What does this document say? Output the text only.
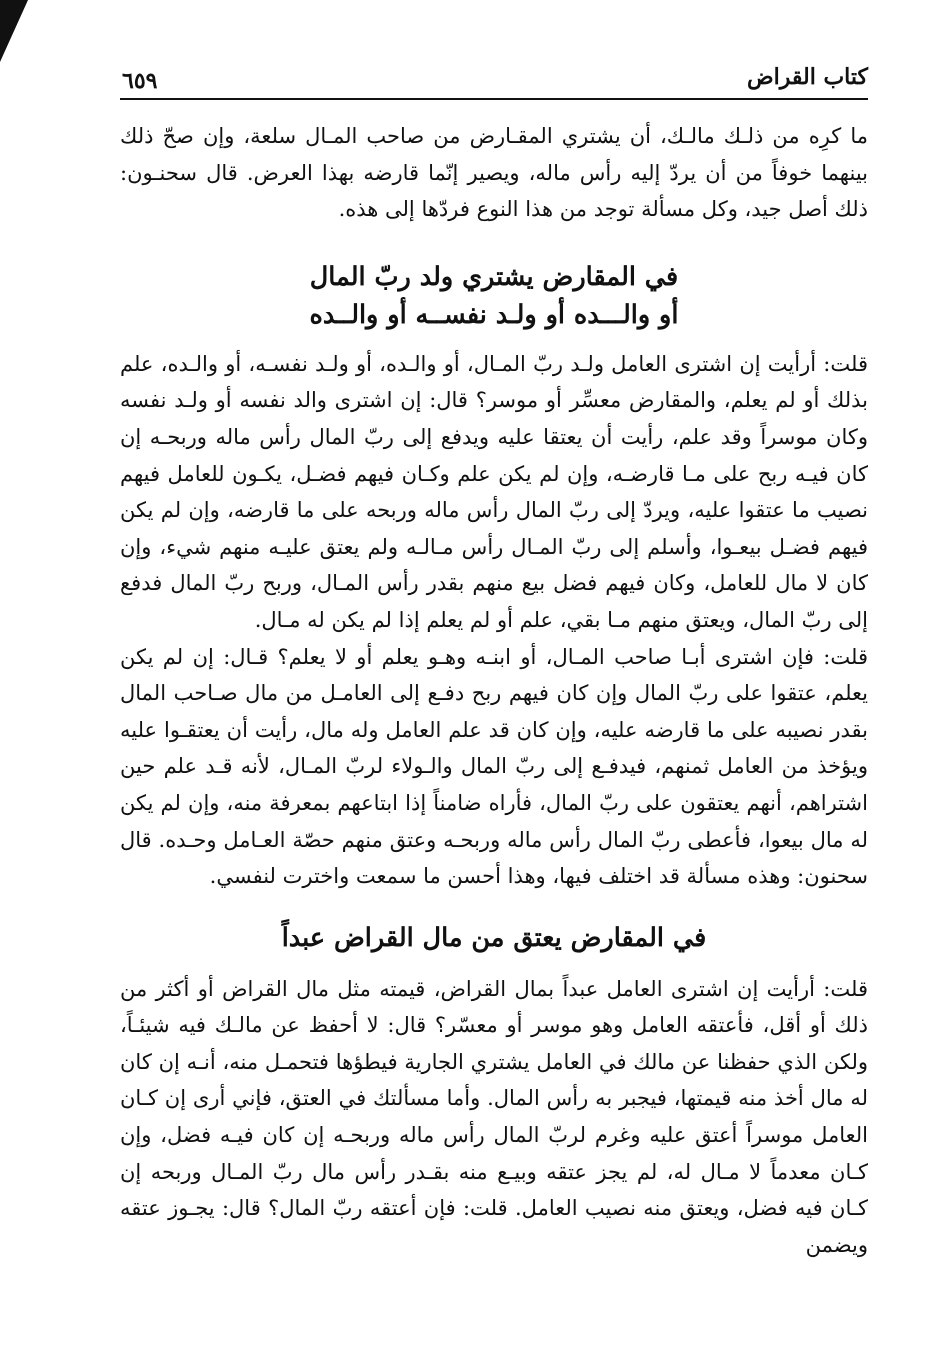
كتاب القراض
٦٥٩

ما كرِه من ذلـك مالـك، أن يشتري المقـارض من صاحب المـال سلعة، وإن صحّ ذلك بينهما خوفاً من أن يردّ إليه رأس ماله، ويصير إنّما قارضه بهذا العرض. قال سحنـون: ذلك أصل جيد، وكل مسألة توجد من هذا النوع فردّها إلى هذه.

في المقارض يشتري ولد ربّ المال
أو والـــده أو ولـد نفســه أو والــده

قلت: أرأيت إن اشترى العامل ولـد ربّ المـال، أو والـده، أو ولـد نفسـه، أو والـده، علم بذلك أو لم يعلم، والمقارض معسِّر أو موسر؟ قال: إن اشترى والد نفسه أو ولـد نفسه وكان موسراً وقد علم، رأيت أن يعتقا عليه ويدفع إلى ربّ المال رأس ماله وربحـه إن كان فيـه ربح على مـا قارضـه، وإن لم يكن علم وكـان فيهم فضـل، يكـون للعامل فيهم نصيب ما عتقوا عليه، ويردّ إلى ربّ المال رأس ماله وربحه على ما قارضه، وإن لم يكن فيهم فضـل بيعـوا، وأسلم إلى ربّ المـال رأس مـالـه ولم يعتق عليـه منهم شيء، وإن كان لا مال للعامل، وكان فيهم فضل بيع منهم بقدر رأس المـال، وربح ربّ المال فدفع إلى ربّ المال، ويعتق منهم مـا بقي، علم أو لم يعلم إذا لم يكن له مـال.

قلت: فإن اشترى أبـا صاحب المـال، أو ابنـه وهـو يعلم أو لا يعلم؟ قـال: إن لم يكن يعلم، عتقوا على ربّ المال وإن كان فيهم ربح دفـع إلى العامـل من مال صـاحب المال بقدر نصيبه على ما قارضه عليه، وإن كان قد علم العامل وله مال، رأيت أن يعتقـوا عليه ويؤخذ من العامل ثمنهم، فيدفـع إلى ربّ المال والـولاء لربّ المـال، لأنه قـد علم حين اشتراهم، أنهم يعتقون على ربّ المال، فأراه ضامناً إذا ابتاعهم بمعرفة منه، وإن لم يكن له مال بيعوا، فأعطى ربّ المال رأس ماله وربحـه وعتق منهم حصّة العـامل وحـده. قال سحنون: وهذه مسألة قد اختلف فيها، وهذا أحسن ما سمعت واخترت لنفسي.

في المقارض يعتق من مال القراض عبداً

قلت: أرأيت إن اشترى العامل عبداً بمال القراض، قيمته مثل مال القراض أو أكثر من ذلك أو أقل، فأعتقه العامل وهو موسر أو معسّر؟ قال: لا أحفظ عن مالـك فيه شيئـاً، ولكن الذي حفظنا عن مالك في العامل يشتري الجارية فيطؤها فتحمـل منه، أنـه إن كان له مال أخذ منه قيمتها، فيجبر به رأس المال. وأما مسألتك في العتق، فإني أرى إن كـان العامل موسراً أعتق عليه وغرم لربّ المال رأس ماله وربحـه إن كان فيـه فضل، وإن كـان معدماً لا مـال له، لم يجز عتقه وبيـع منه بقـدر رأس مال ربّ المـال وربحه إن كـان فيه فضل، ويعتق منه نصيب العامل. قلت: فإن أعتقه ربّ المال؟ قال: يجـوز عتقه ويضمن
